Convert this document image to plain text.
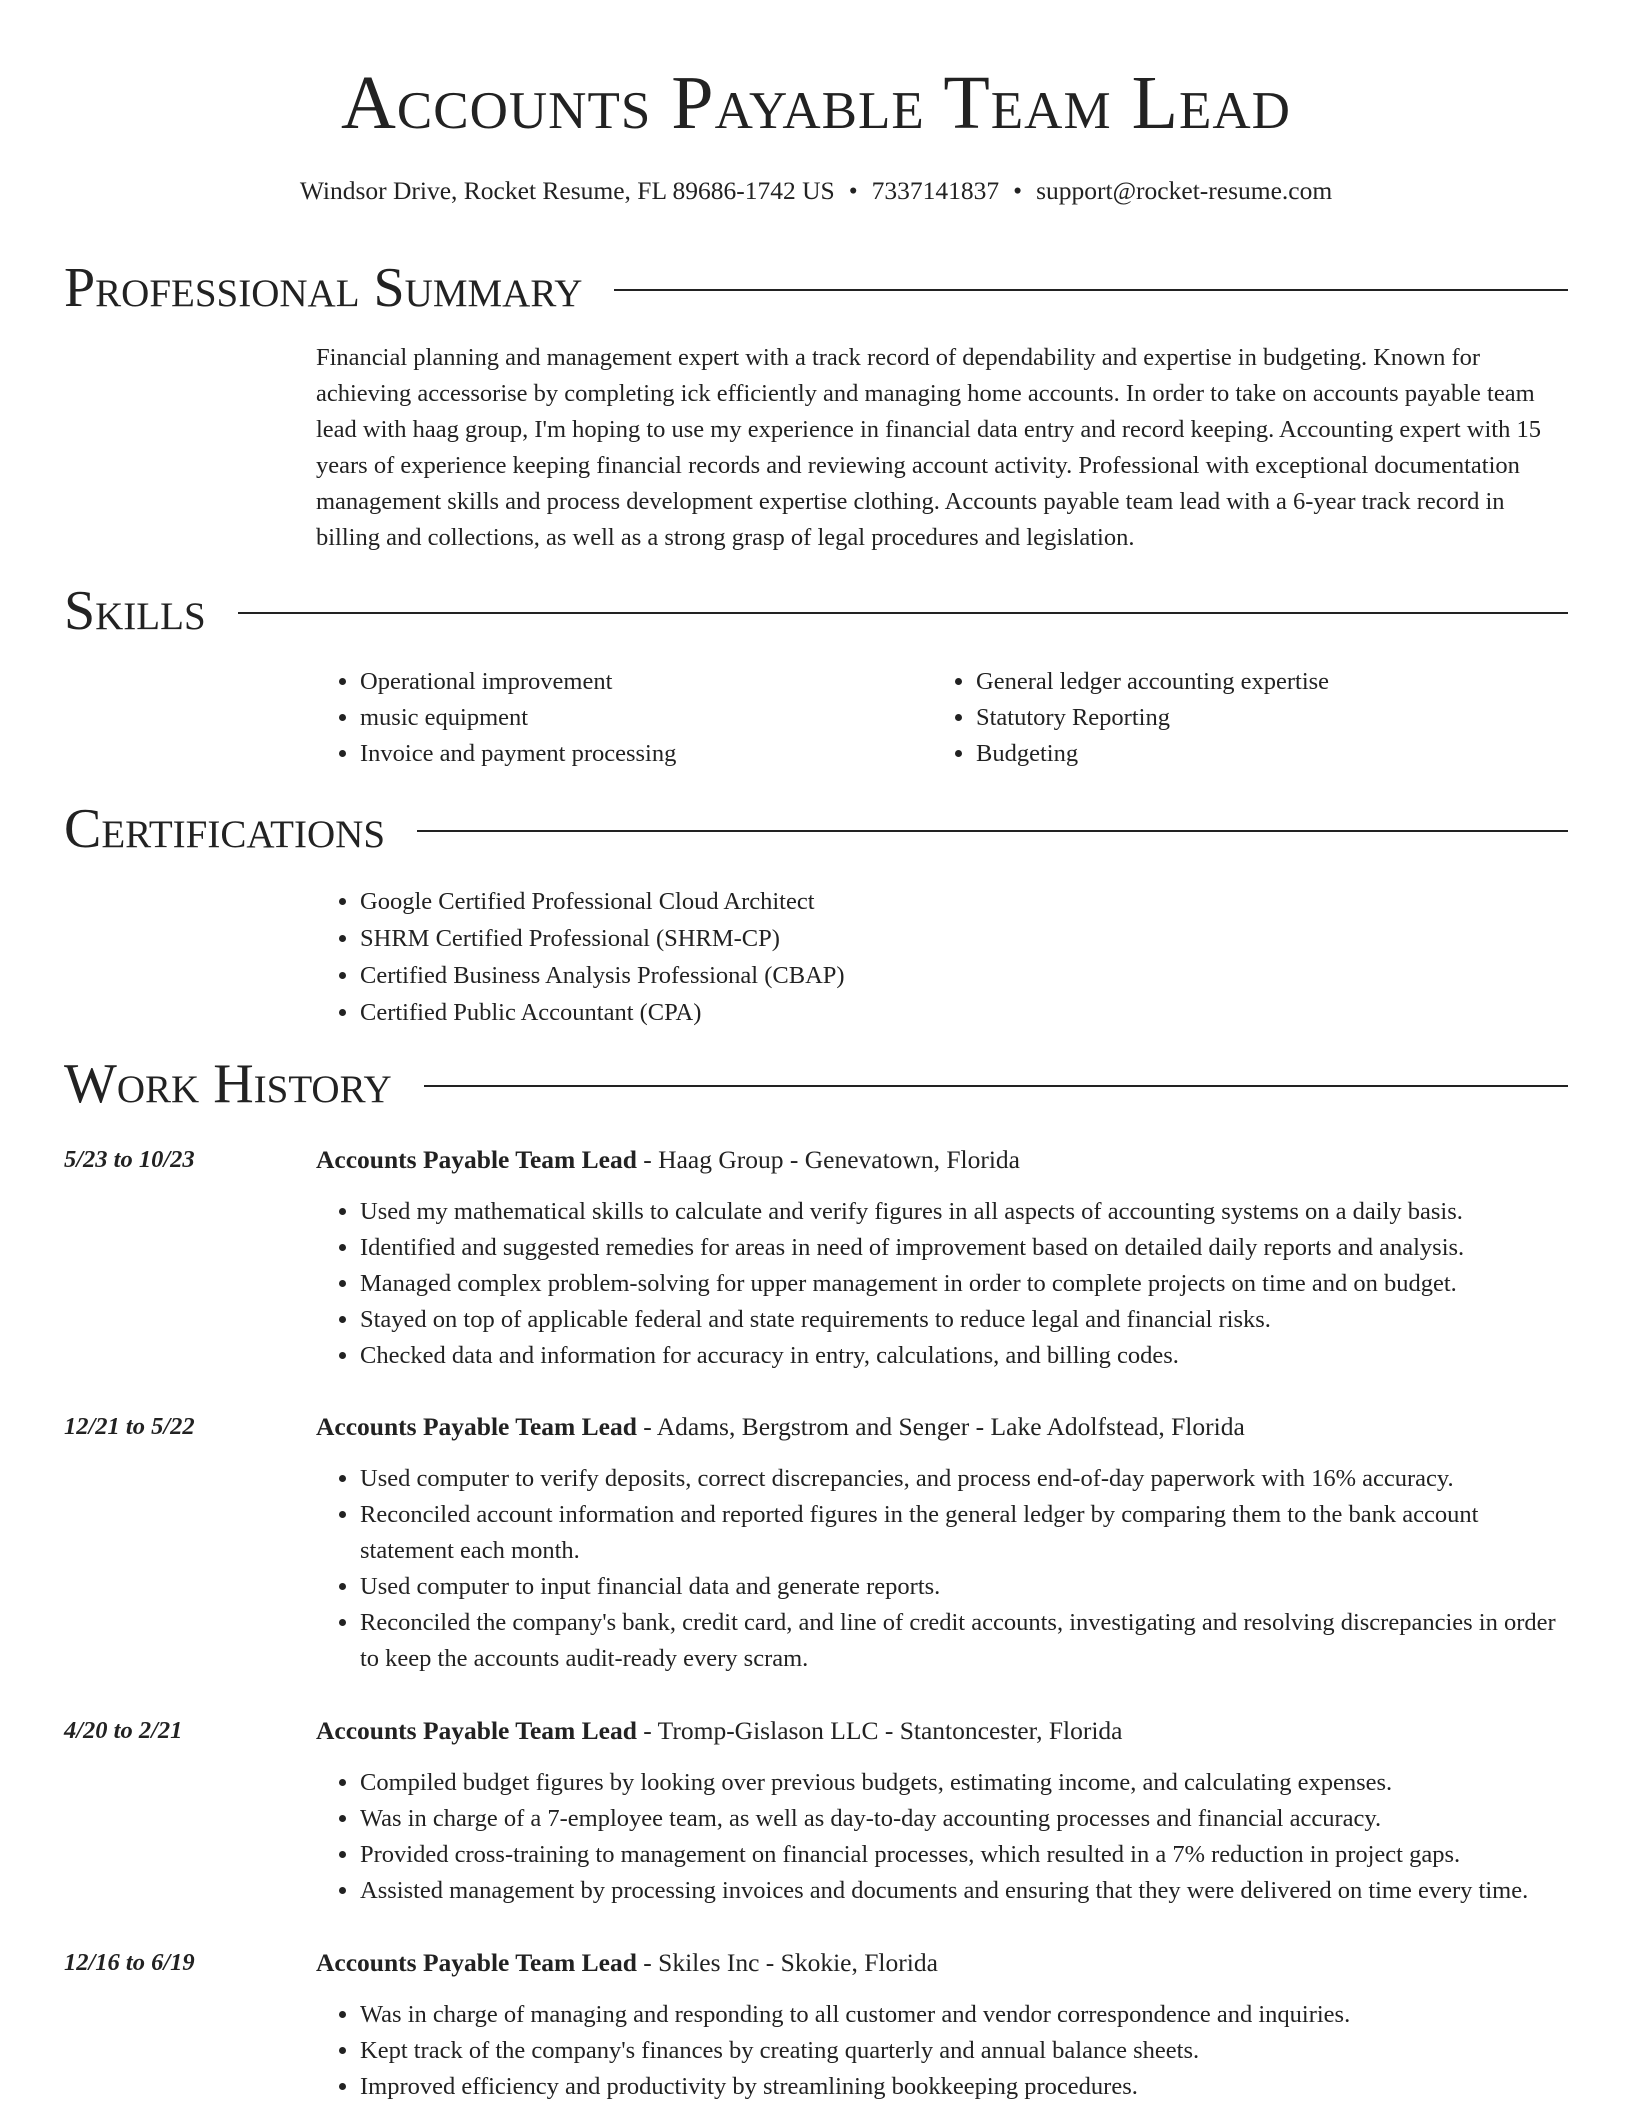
Accounts Payable Team Lead
Windsor Drive, Rocket Resume, FL 89686-1742 US • 7337141837 • support@rocket-resume.com
Professional Summary

Financial planning and management expert with a track record of dependability and expertise in budgeting. Known for achieving accessorise by completing ick efficiently and managing home accounts. In order to take on accounts payable team lead with haag group, I'm hoping to use my experience in financial data entry and record keeping. Accounting expert with 15 years of experience keeping financial records and reviewing account activity. Professional with exceptional documentation management skills and process development expertise clothing. Accounts payable team lead with a 6-year track record in billing and collections, as well as a strong grasp of legal procedures and legislation.

Skills
• Operational improvement
• music equipment
• Invoice and payment processing
• General ledger accounting expertise
• Statutory Reporting
• Budgeting
Certifications
• Google Certified Professional Cloud Architect
• SHRM Certified Professional (SHRM-CP)
• Certified Business Analysis Professional (CBAP)
• Certified Public Accountant (CPA)
Work History
5/23 to 10/23	Accounts Payable Team Lead - Haag Group - Genevatown, Florida
• Used my mathematical skills to calculate and verify figures in all aspects of accounting systems on a daily basis.
• Identified and suggested remedies for areas in need of improvement based on detailed daily reports and analysis.
• Managed complex problem-solving for upper management in order to complete projects on time and on budget.
• Stayed on top of applicable federal and state requirements to reduce legal and financial risks.
• Checked data and information for accuracy in entry, calculations, and billing codes.
12/21 to 5/22	Accounts Payable Team Lead - Adams, Bergstrom and Senger - Lake Adolfstead, Florida
• Used computer to verify deposits, correct discrepancies, and process end-of-day paperwork with 16% accuracy.
• Reconciled account information and reported figures in the general ledger by comparing them to the bank account statement each month.
• Used computer to input financial data and generate reports.
• Reconciled the company's bank, credit card, and line of credit accounts, investigating and resolving discrepancies in order to keep the accounts audit-ready every scram.
4/20 to 2/21	Accounts Payable Team Lead - Tromp-Gislason LLC - Stantoncester, Florida
• Compiled budget figures by looking over previous budgets, estimating income, and calculating expenses.
• Was in charge of a 7-employee team, as well as day-to-day accounting processes and financial accuracy.
• Provided cross-training to management on financial processes, which resulted in a 7% reduction in project gaps.
• Assisted management by processing invoices and documents and ensuring that they were delivered on time every time.
12/16 to 6/19	Accounts Payable Team Lead - Skiles Inc - Skokie, Florida
• Was in charge of managing and responding to all customer and vendor correspondence and inquiries.
• Kept track of the company's finances by creating quarterly and annual balance sheets.
• Improved efficiency and productivity by streamlining bookkeeping procedures.
